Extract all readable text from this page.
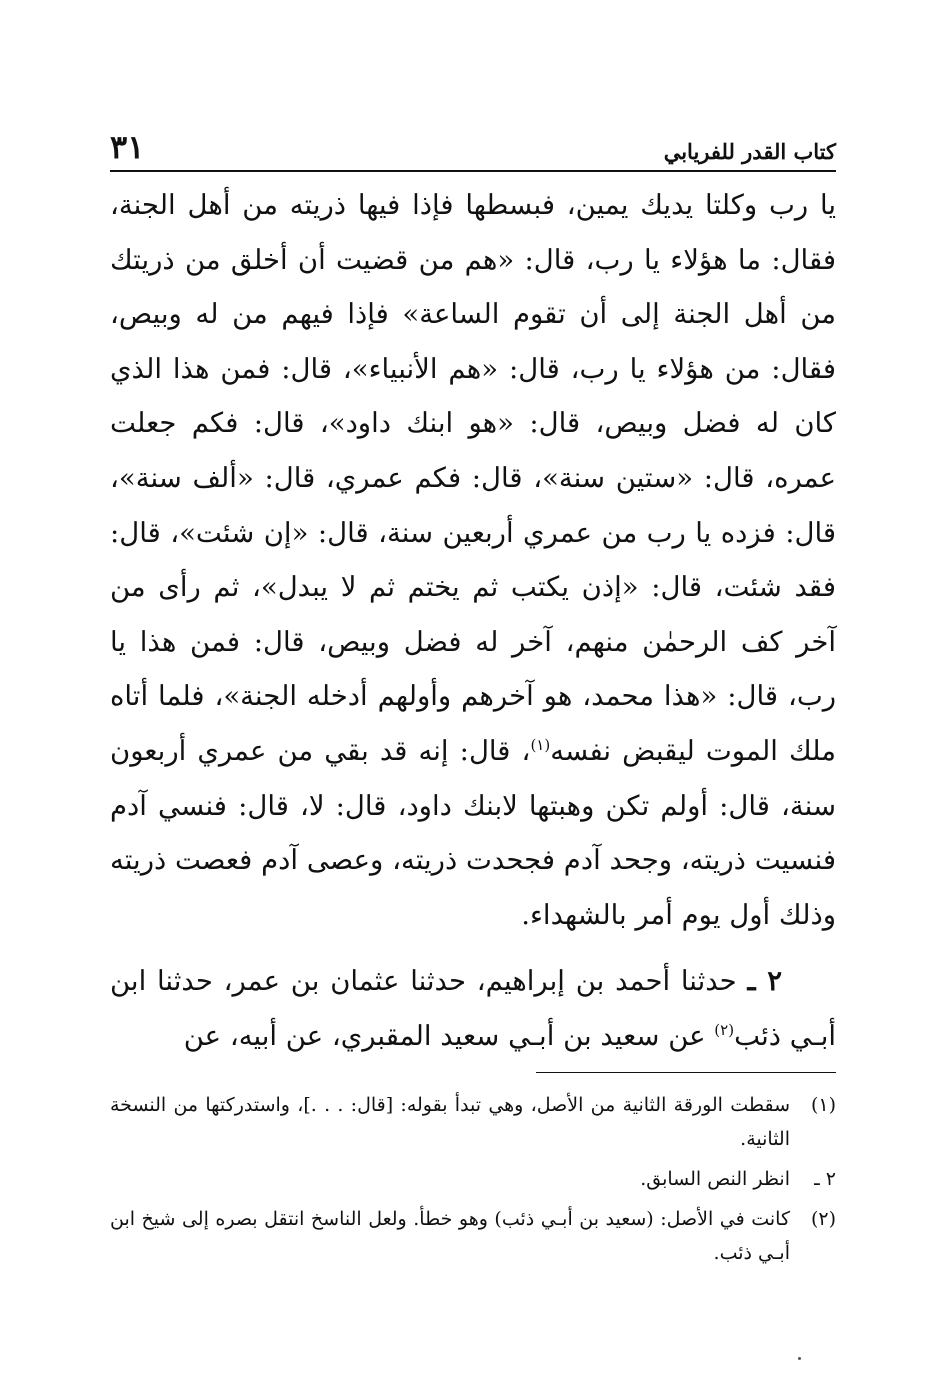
كتاب القدر للفريابي
٣١

يا رب وكلتا يديك يمين، فبسطها فإذا فيها ذريته من أهل الجنة، فقال: ما هؤلاء يا رب، قال: «هم من قضيت أن أخلق من ذريتك من أهل الجنة إلى أن تقوم الساعة» فإذا فيهم من له وبيص، فقال: من هؤلاء يا رب، قال: «هم الأنبياء»، قال: فمن هذا الذي كان له فضل وبيص، قال: «هو ابنك داود»، قال: فكم جعلت عمره، قال: «ستين سنة»، قال: فكم عمري، قال: «ألف سنة»، قال: فزده يا رب من عمري أربعين سنة، قال: «إن شئت»، قال: فقد شئت، قال: «إذن يكتب ثم يختم ثم لا يبدل»، ثم رأى من آخر كف الرحمٰن منهم، آخر له فضل وبيص، قال: فمن هذا يا رب، قال: «هذا محمد، هو آخرهم وأولهم أدخله الجنة»، فلما أتاه ملك الموت ليقبض نفسه$^{(١)}$، قال: إنه قد بقي من عمري أربعون سنة، قال: أولم تكن وهبتها لابنك داود، قال: لا، قال: فنسي آدم فنسيت ذريته، وجحد آدم فجحدت ذريته، وعصى آدم فعصت ذريته وذلك أول يوم أمر بالشهداء.

٢ ـ حدثنا أحمد بن إبراهيم، حدثنا عثمان بن عمر، حدثنا ابن أبـي ذئب$^{(٢)}$ عن سعيد بن أبـي سعيد المقبري، عن أبيه، عن

(١)
سقطت الورقة الثانية من الأصل، وهي تبدأ بقوله: [قال: . . .]، واستدركتها من النسخة الثانية.

٢ ـ
انظر النص السابق.

(٢)
كانت في الأصل: (سعيد بن أبـي ذئب) وهو خطأ. ولعل الناسخ انتقل بصره إلى شيخ ابن أبـي ذئب.
